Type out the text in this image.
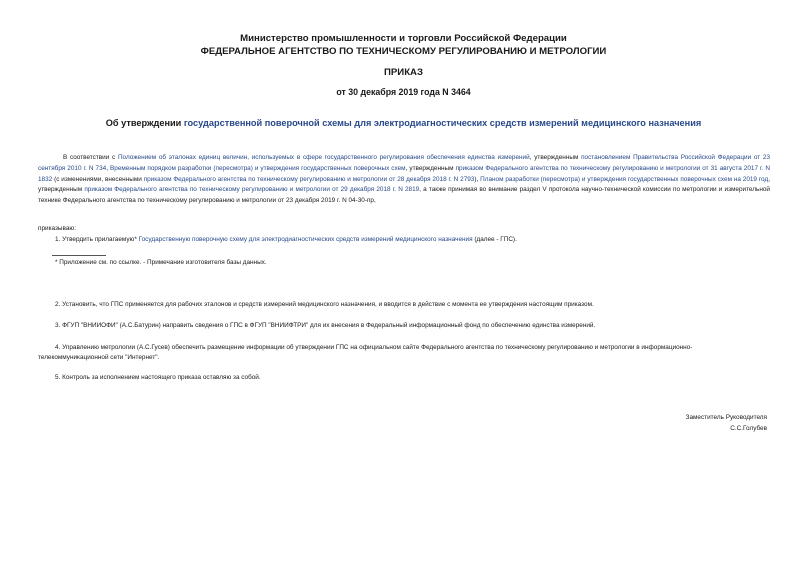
Министерство промышленности и торговли Российской Федерации
ФЕДЕРАЛЬНОЕ АГЕНТСТВО ПО ТЕХНИЧЕСКОМУ РЕГУЛИРОВАНИЮ И МЕТРОЛОГИИ
ПРИКАЗ
от 30 декабря 2019 года N 3464
Об утверждении государственной поверочной схемы для электродиагностических средств измерений медицинского назначения
В соответствии с Положением об эталонах единиц величин, используемых в сфере государственного регулирования обеспечения единства измерений, утвержденным постановлением Правительства Российской Федерации от 23 сентября 2010 г. N 734, Временным порядком разработки (пересмотра) и утверждения государственных поверочных схем, утвержденным приказом Федерального агентства по техническому регулированию и метрологии от 31 августа 2017 г. N 1832 (с изменениями, внесенными приказом Федерального агентства по техническому регулированию и метрологии от 28 декабря 2018 г. N 2793), Планом разработки (пересмотра) и утверждения государственных поверочных схем на 2019 год, утвержденным приказом Федерального агентства по техническому регулированию и метрологии от 29 декабря 2018 г. N 2819, а также принимая во внимание раздел V протокола научно-технической комиссии по метрологии и измерительной технике Федерального агентства по техническому регулированию и метрологии от 23 декабря 2019 г. N 04-30-пр,
приказываю:
1. Утвердить прилагаемую* Государственную поверочную схему для электродиагностических средств измерений медицинского назначения (далее - ГПС).
* Приложение см. по ссылке. - Примечание изготовителя базы данных.
2. Установить, что ГПС применяется для рабочих эталонов и средств измерений медицинского назначения, и вводится в действие с момента ее утверждения настоящим приказом.
3. ФГУП "ВНИИОФИ" (А.С.Батурин) направить сведения о ГПС в ФГУП "ВНИИФТРИ" для их внесения в Федеральный информационный фонд по обеспечению единства измерений.
4. Управлению метрологии (А.С.Гусев) обеспечить размещение информации об утверждении ГПС на официальном сайте Федерального агентства по техническому регулированию и метрологии в информационно-
телекоммуникационной сети "Интернет".
5. Контроль за исполнением настоящего приказа оставляю за собой.
Заместитель Руководителя
С.С.Голубев
